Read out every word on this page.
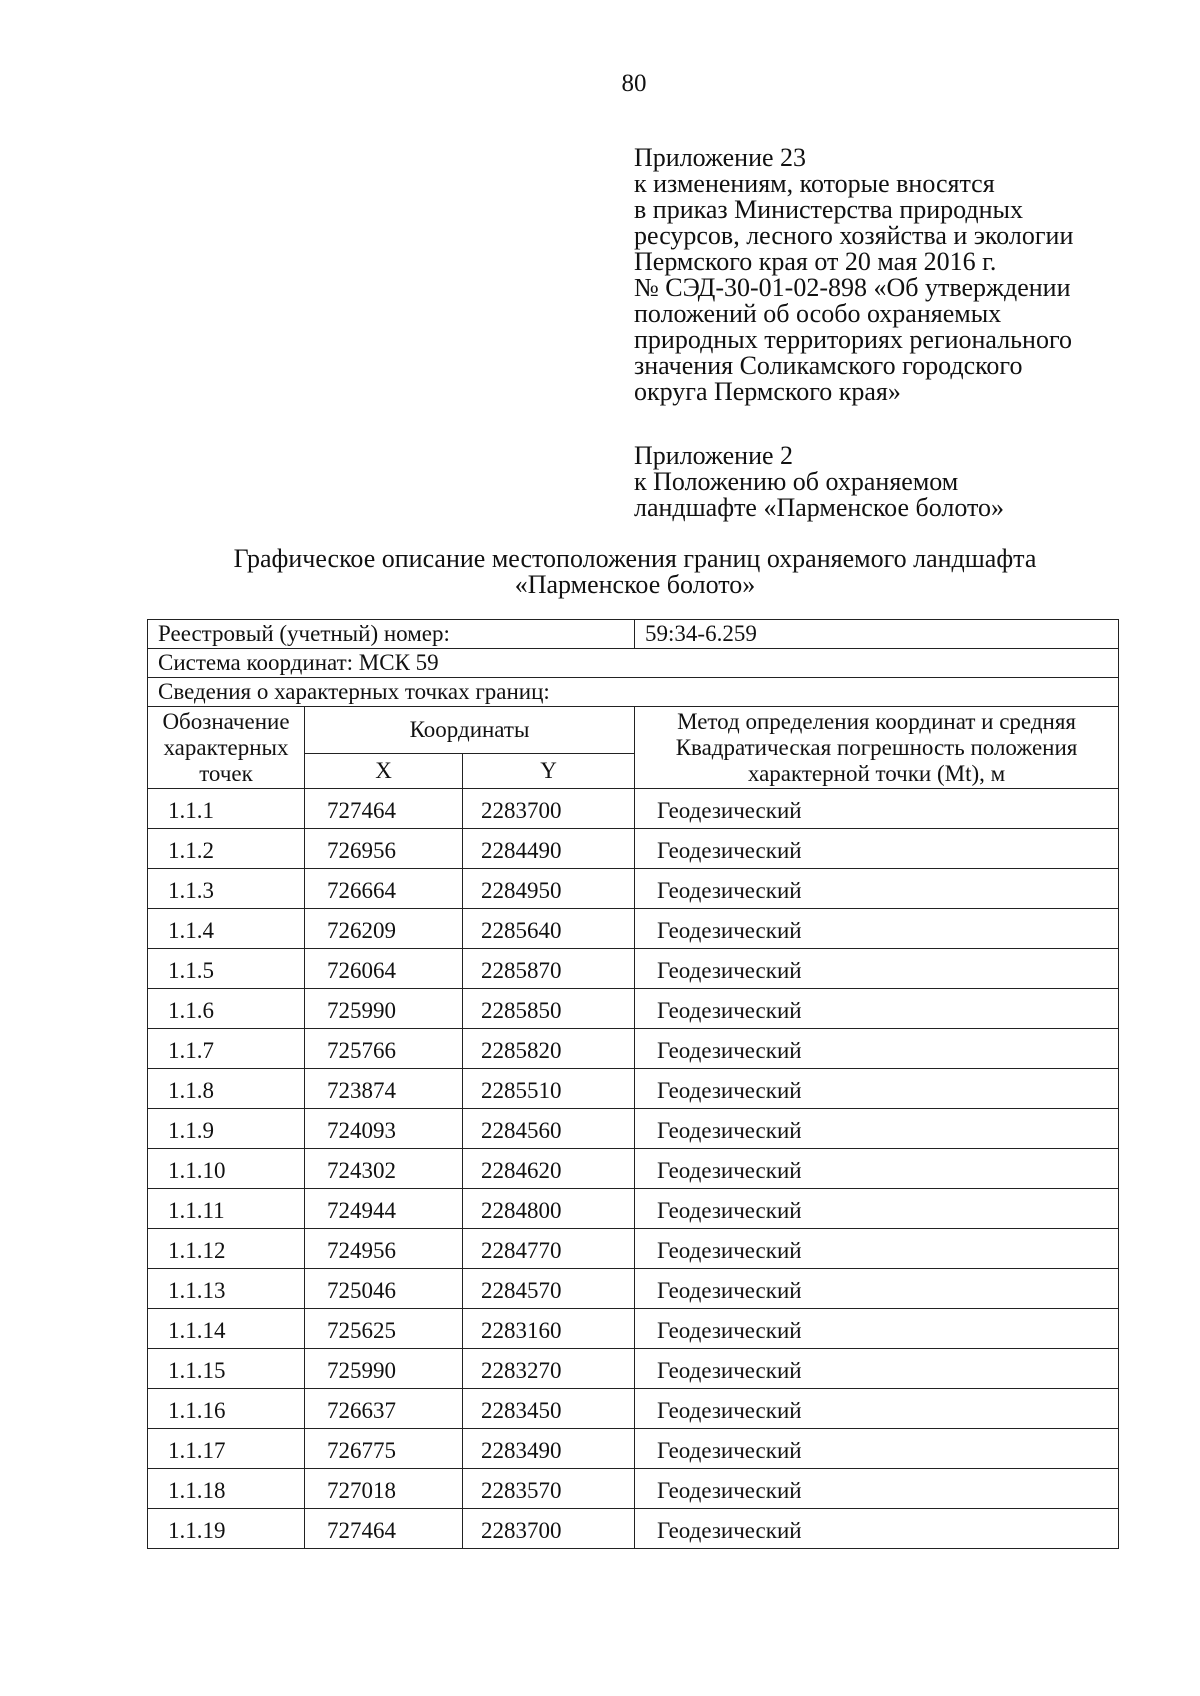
80
Приложение 23
к изменениям, которые вносятся
в приказ Министерства природных
ресурсов, лесного хозяйства и экологии
Пермского края от 20 мая 2016 г.
№ СЭД-30-01-02-898 «Об утверждении
положений об особо охраняемых
природных территориях регионального
значения Соликамского городского
округа Пермского края»
Приложение 2
к Положению об охраняемом
ландшафте «Парменское болото»
Графическое описание местоположения границ охраняемого ландшафта
«Парменское болото»
Реестровый (учетный) номер:			59:34-6.259
Система координат: МСК 59			
Сведения о характерных точках границ:			
Обозначение характерных точек	Координаты		Метод определения координат и средняя Квадратическая погрешность положения характерной точки (Mt), м
	X	Y	
1.1.1	727464	2283700	Геодезический
1.1.2	726956	2284490	Геодезический
1.1.3	726664	2284950	Геодезический
1.1.4	726209	2285640	Геодезический
1.1.5	726064	2285870	Геодезический
1.1.6	725990	2285850	Геодезический
1.1.7	725766	2285820	Геодезический
1.1.8	723874	2285510	Геодезический
1.1.9	724093	2284560	Геодезический
1.1.10	724302	2284620	Геодезический
1.1.11	724944	2284800	Геодезический
1.1.12	724956	2284770	Геодезический
1.1.13	725046	2284570	Геодезический
1.1.14	725625	2283160	Геодезический
1.1.15	725990	2283270	Геодезический
1.1.16	726637	2283450	Геодезический
1.1.17	726775	2283490	Геодезический
1.1.18	727018	2283570	Геодезический
1.1.19	727464	2283700	Геодезический
